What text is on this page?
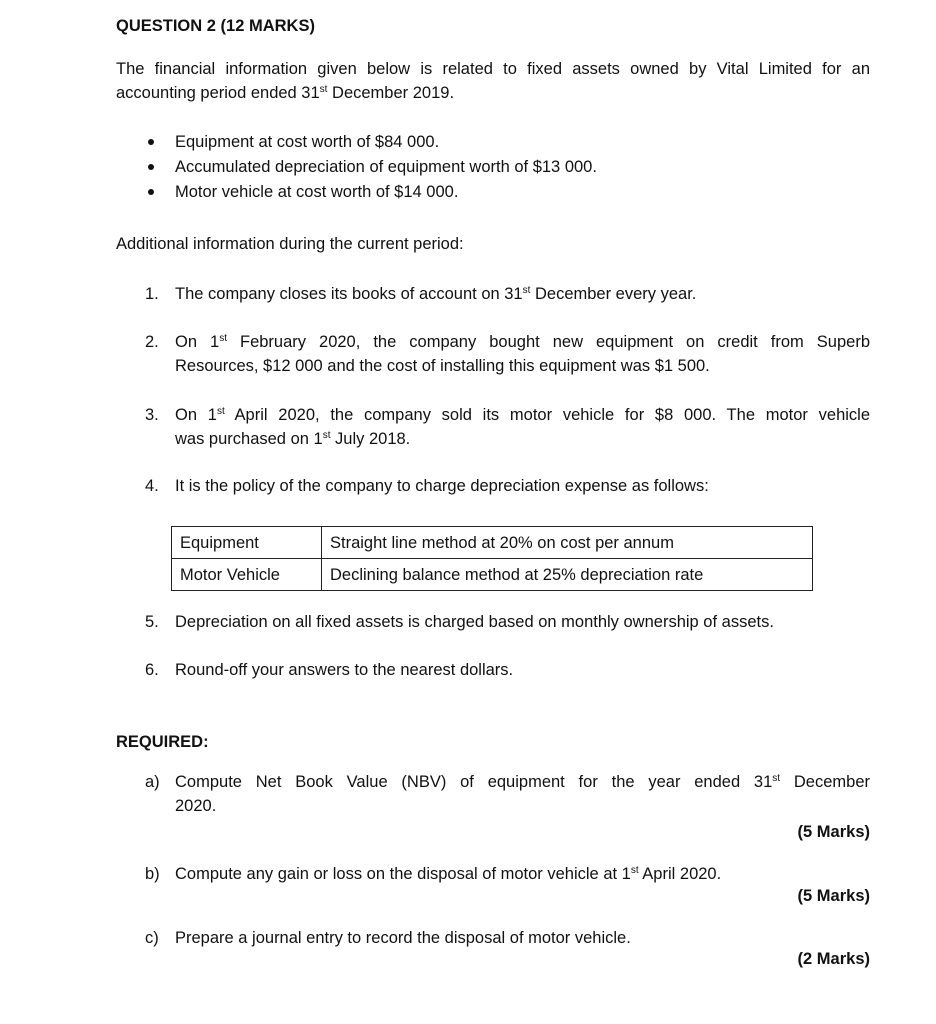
QUESTION 2 (12 MARKS)
The financial information given below is related to fixed assets owned by Vital Limited for an
accounting period ended 31st December 2019.
Equipment at cost worth of $84 000.
Accumulated depreciation of equipment worth of $13 000.
Motor vehicle at cost worth of $14 000.
Additional information during the current period:
1. The company closes its books of account on 31st December every year.
2. On 1st February 2020, the company bought new equipment on credit from Superb
Resources, $12 000 and the cost of installing this equipment was $1 500.
3. On 1st April 2020, the company sold its motor vehicle for $8 000. The motor vehicle
was purchased on 1st July 2018.
4. It is the policy of the company to charge depreciation expense as follows:
Equipment	Straight line method at 20% on cost per annum
Motor Vehicle	Declining balance method at 25% depreciation rate
5. Depreciation on all fixed assets is charged based on monthly ownership of assets.
6. Round-off your answers to the nearest dollars.
REQUIRED:
a) Compute Net Book Value (NBV) of equipment for the year ended 31st December
2020.
(5 Marks)
b) Compute any gain or loss on the disposal of motor vehicle at 1st April 2020.
(5 Marks)
c) Prepare a journal entry to record the disposal of motor vehicle.
(2 Marks)
